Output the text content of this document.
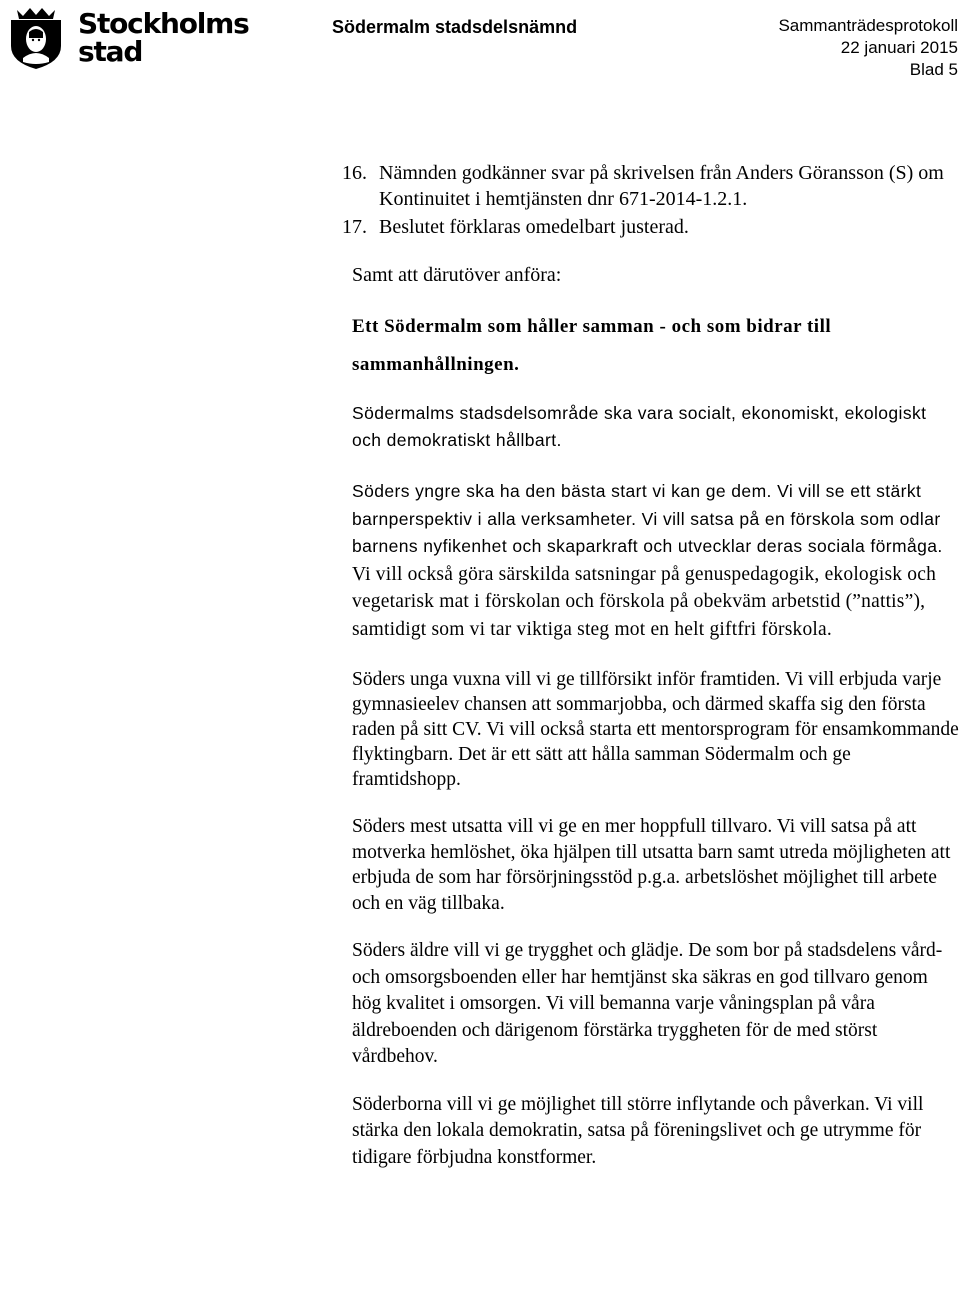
Stockholms
stad
Södermalm stadsdelsnämnd	Sammanträdesprotokoll
22 januari 2015
Blad 5
16. Nämnden godkänner svar på skrivelsen från Anders Göransson (S) om Kontinuitet i hemtjänsten dnr 671-2014-1.2.1.
17. Beslutet förklaras omedelbart justerad.

Samt att därutöver anföra:

Ett Södermalm som håller samman - och som bidrar till sammanhållningen.

Södermalms stadsdelsområde ska vara socialt, ekonomiskt, ekologiskt och demokratiskt hållbart.

Söders yngre ska ha den bästa start vi kan ge dem. Vi vill se ett stärkt barnperspektiv i alla verksamheter. Vi vill satsa på en förskola som odlar barnens nyfikenhet och skaparkraft och utvecklar deras sociala förmåga. Vi vill också göra särskilda satsningar på genuspedagogik, ekologisk och vegetarisk mat i förskolan och förskola på obekväm arbetstid (”nattis”), samtidigt som vi tar viktiga steg mot en helt giftfri förskola.

Söders unga vuxna vill vi ge tillförsikt inför framtiden. Vi vill erbjuda varje gymnasieelev chansen att sommarjobba, och därmed skaffa sig den första raden på sitt CV. Vi vill också starta ett mentorsprogram för ensamkommande flyktingbarn. Det är ett sätt att hålla samman Södermalm och ge framtidshopp.

Söders mest utsatta vill vi ge en mer hoppfull tillvaro. Vi vill satsa på att motverka hemlöshet, öka hjälpen till utsatta barn samt utreda möjligheten att erbjuda de som har försörjningsstöd p.g.a. arbetslöshet möjlighet till arbete och en väg tillbaka.

Söders äldre vill vi ge trygghet och glädje. De som bor på stadsdelens vård- och omsorgsboenden eller har hemtjänst ska säkras en god tillvaro genom hög kvalitet i omsorgen. Vi vill bemanna varje våningsplan på våra äldreboenden och därigenom förstärka tryggheten för de med störst vårdbehov.

Söderborna vill vi ge möjlighet till större inflytande och påverkan. Vi vill stärka den lokala demokratin, satsa på föreningslivet och ge utrymme för tidigare förbjudna konstformer.
